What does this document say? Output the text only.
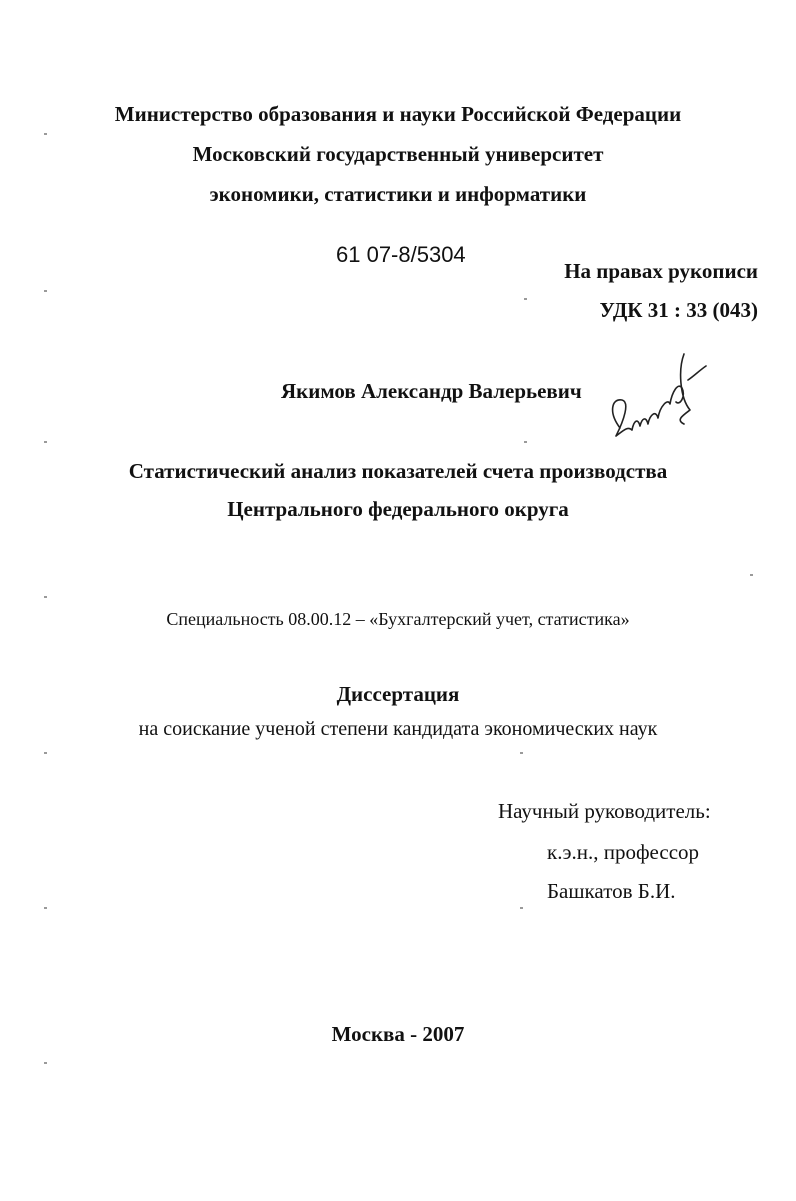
Министерство образования и науки Российской Федерации
Московский государственный университет
экономики, статистики и информатики
61 07-8/5304
На правах рукописи
УДК 31 : 33 (043)
Якимов Александр Валерьевич
Статистический анализ показателей счета производства
Центрального федерального округа
Специальность 08.00.12 – «Бухгалтерский учет, статистика»
Диссертация
на соискание ученой степени кандидата экономических наук
Научный руководитель:
к.э.н., профессор
Башкатов Б.И.
Москва - 2007
